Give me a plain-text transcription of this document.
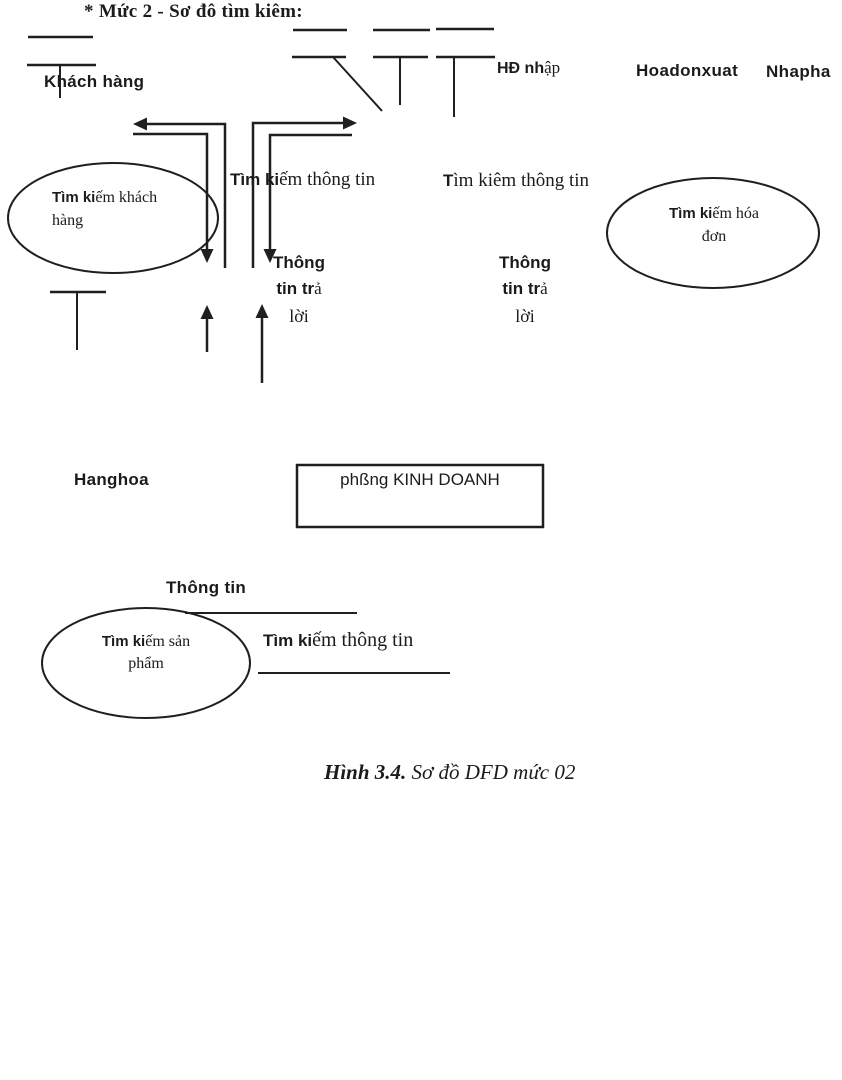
* Mức 2 - Sơ đô tìm kiêm:
Khách hàng
HĐ nhập	Hoadonxuat Nhapha
Tìm kiếm thông tin	Tìm kiêm thông tin
Tìm kiếm khách
hàng	Tìm kiếm hóa
đơn
Thông
tin trả
lời
Thông
tin trả
lời
Hanghoa	phßng KINH DOANH
Thông tin
Tìm kiếm sản
phẩm
Tìm kiếm thông tin
Hình 3.4. Sơ đồ DFD mức 02
